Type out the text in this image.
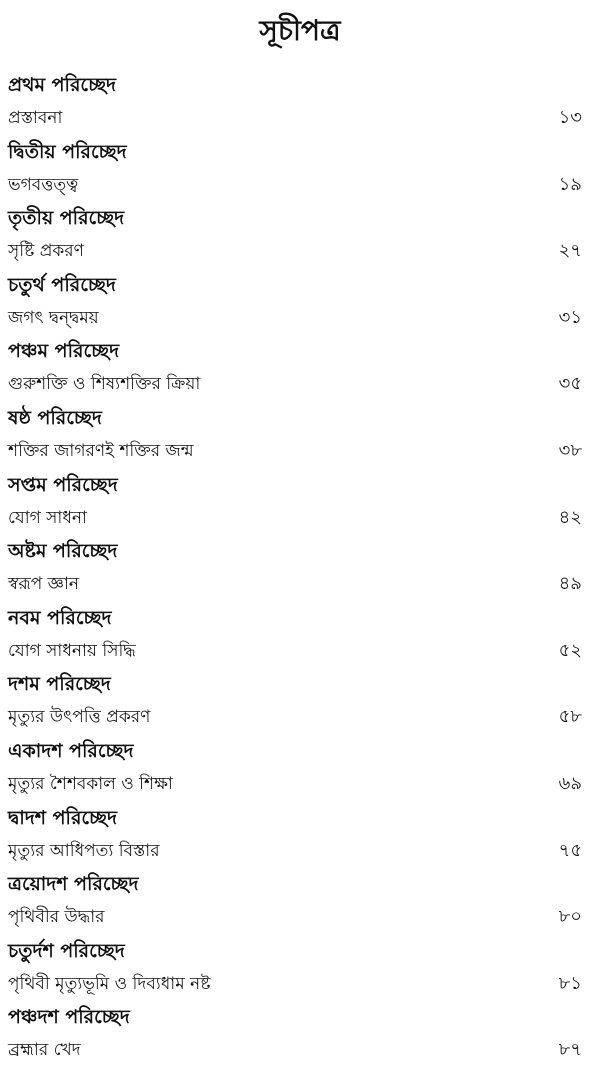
সূচীপত্র
প্রথম পরিচ্ছেদ
প্রস্তাবনা	১৩
দ্বিতীয় পরিচ্ছেদ
ভগবত্তত্ত্ব	১৯
তৃতীয় পরিচ্ছেদ
সৃষ্টি প্রকরণ	২৭
চতুর্থ পরিচ্ছেদ
জগৎ দ্বন্দ্বময়	৩১
পঞ্চম পরিচ্ছেদ
গুরুশক্তি ও শিষ্যশক্তির ক্রিয়া	৩৫
ষষ্ঠ পরিচ্ছেদ
শক্তির জাগরণই শক্তির জন্ম	৩৮
সপ্তম পরিচ্ছেদ
যোগ সাধনা	৪২
অষ্টম পরিচ্ছেদ
স্বরূপ জ্ঞান	৪৯
নবম পরিচ্ছেদ
যোগ সাধনায় সিদ্ধি	৫২
দশম পরিচ্ছেদ
মৃত্যুর উৎপত্তি প্রকরণ	৫৮
একাদশ পরিচ্ছেদ
মৃত্যুর শৈশবকাল ও শিক্ষা	৬৯
দ্বাদশ পরিচ্ছেদ
মৃত্যুর আধিপত্য বিস্তার	৭৫
ত্রয়োদশ পরিচ্ছেদ
পৃথিবীর উদ্ধার	৮০
চতুর্দশ পরিচ্ছেদ
পৃথিবী মৃত্যুভূমি ও দিব্যধাম নষ্ট	৮১
পঞ্চদশ পরিচ্ছেদ
ব্রহ্মার খেদ	৮৭
